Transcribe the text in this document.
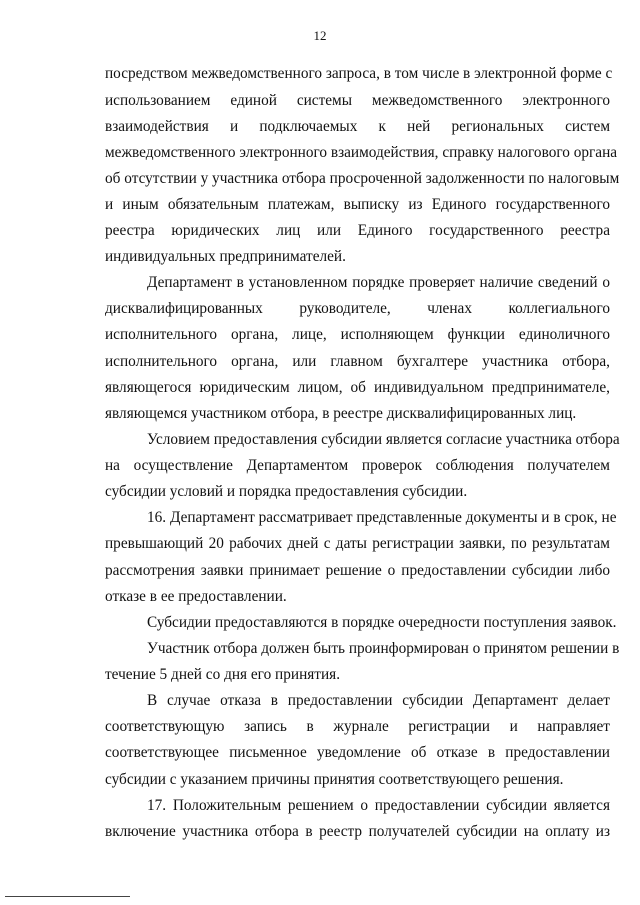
12
посредством межведомственного запроса, в том числе в электронной форме с
использованием единой системы межведомственного электронного
взаимодействия и подключаемых к ней региональных систем
межведомственного электронного взаимодействия, справку налогового органа
об отсутствии у участника отбора просроченной задолженности по налоговым
и иным обязательным платежам, выписку из Единого государственного
реестра юридических лиц или Единого государственного реестра
индивидуальных предпринимателей.
Департамент в установленном порядке проверяет наличие сведений о
дисквалифицированных руководителе, членах коллегиального
исполнительного органа, лице, исполняющем функции единоличного
исполнительного органа, или главном бухгалтере участника отбора,
являющегося юридическим лицом, об индивидуальном предпринимателе,
являющемся участником отбора, в реестре дисквалифицированных лиц.
Условием предоставления субсидии является согласие участника отбора
на осуществление Департаментом проверок соблюдения получателем
субсидии условий и порядка предоставления субсидии.
16. Департамент рассматривает представленные документы и в срок, не
превышающий 20 рабочих дней с даты регистрации заявки, по результатам
рассмотрения заявки принимает решение о предоставлении субсидии либо
отказе в ее предоставлении.
Субсидии предоставляются в порядке очередности поступления заявок.
Участник отбора должен быть проинформирован о принятом решении в
течение 5 дней со дня его принятия.
В случае отказа в предоставлении субсидии Департамент делает
соответствующую запись в журнале регистрации и направляет
соответствующее письменное уведомление об отказе в предоставлении
субсидии с указанием причины принятия соответствующего решения.
17. Положительным решением о предоставлении субсидии является
включение участника отбора в реестр получателей субсидии на оплату из
